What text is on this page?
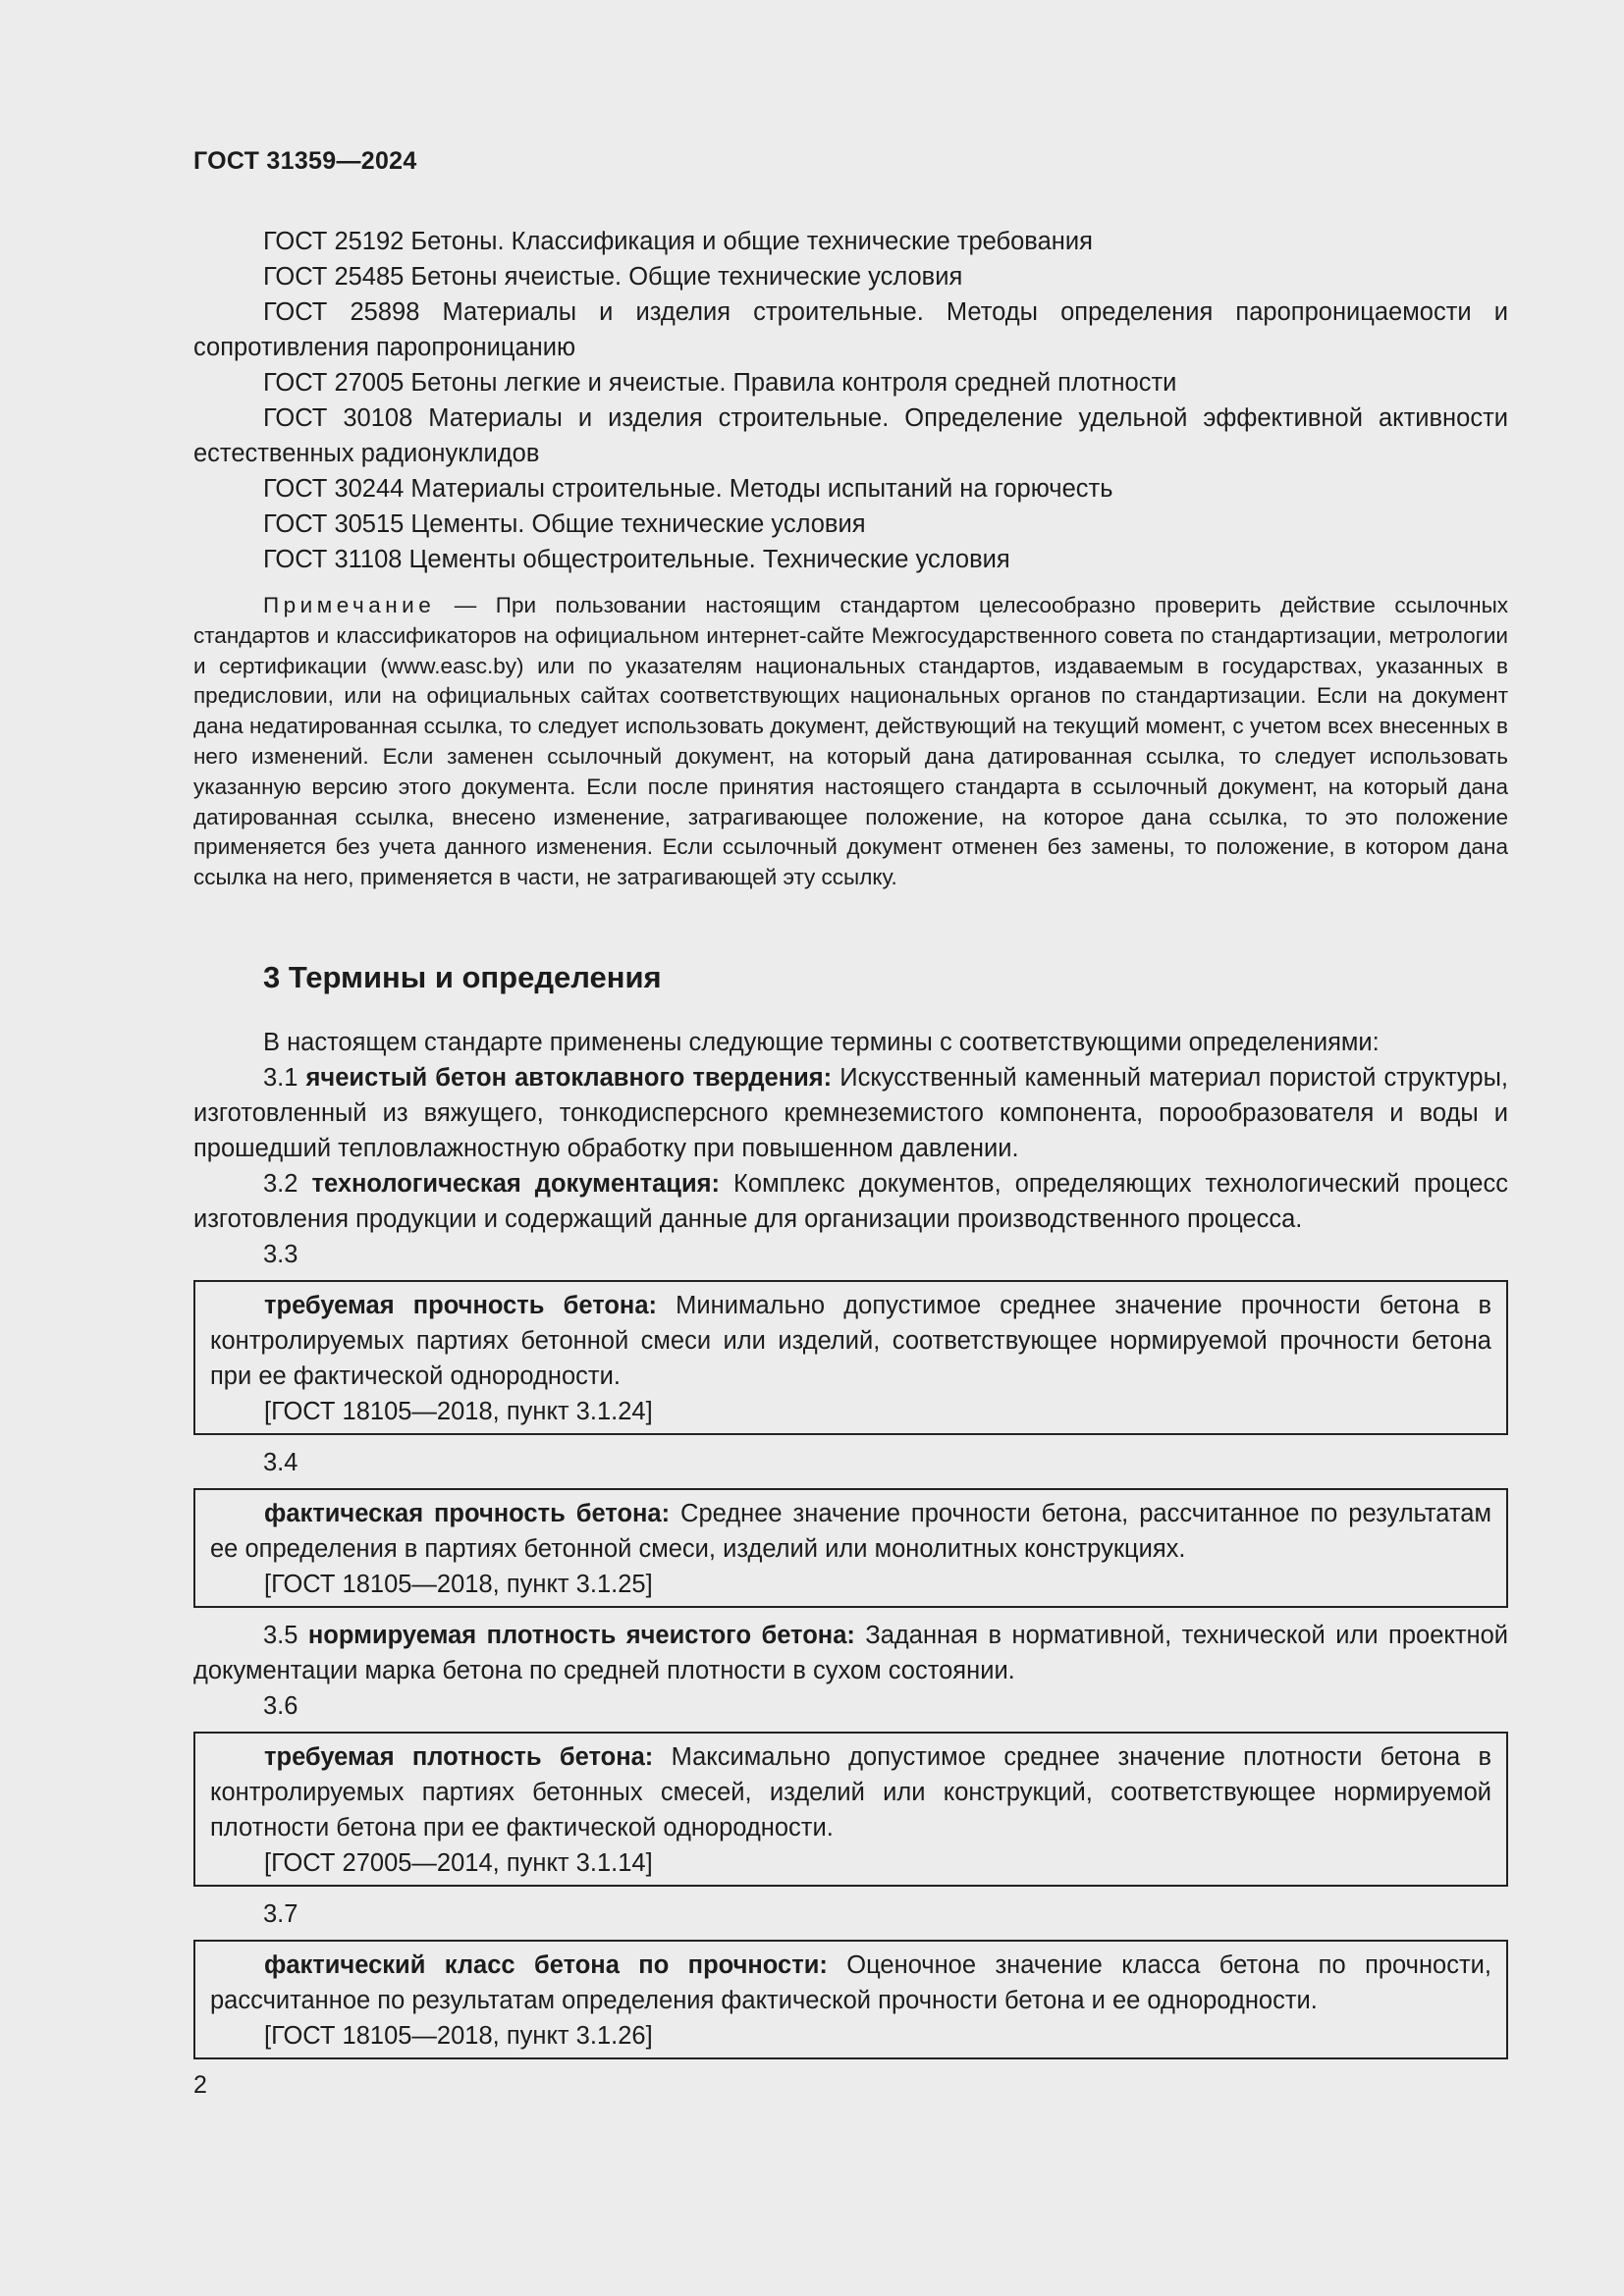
ГОСТ 31359—2024

ГОСТ 25192 Бетоны. Классификация и общие технические требования

ГОСТ 25485 Бетоны ячеистые. Общие технические условия

ГОСТ 25898 Материалы и изделия строительные. Методы определения паропроницаемости и сопротивления паропроницанию

ГОСТ 27005 Бетоны легкие и ячеистые. Правила контроля средней плотности

ГОСТ 30108 Материалы и изделия строительные. Определение удельной эффективной активности естественных радионуклидов

ГОСТ 30244 Материалы строительные. Методы испытаний на горючесть

ГОСТ 30515 Цементы. Общие технические условия

ГОСТ 31108 Цементы общестроительные. Технические условия

Примечание — При пользовании настоящим стандартом целесообразно проверить действие ссылочных стандартов и классификаторов на официальном интернет-сайте Межгосударственного совета по стандартизации, метрологии и сертификации (www.easc.by) или по указателям национальных стандартов, издаваемым в государствах, указанных в предисловии, или на официальных сайтах соответствующих национальных органов по стандартизации. Если на документ дана недатированная ссылка, то следует использовать документ, действующий на текущий момент, с учетом всех внесенных в него изменений. Если заменен ссылочный документ, на который дана датированная ссылка, то следует использовать указанную версию этого документа. Если после принятия настоящего стандарта в ссылочный документ, на который дана датированная ссылка, внесено изменение, затрагивающее положение, на которое дана ссылка, то это положение применяется без учета данного изменения. Если ссылочный документ отменен без замены, то положение, в котором дана ссылка на него, применяется в части, не затрагивающей эту ссылку.
3 Термины и определения

В настоящем стандарте применены следующие термины с соответствующими определениями:

3.1 ячеистый бетон автоклавного твердения: Искусственный каменный материал пористой структуры, изготовленный из вяжущего, тонкодисперсного кремнеземистого компонента, порообразователя и воды и прошедший тепловлажностную обработку при повышенном давлении.

3.2 технологическая документация: Комплекс документов, определяющих технологический процесс изготовления продукции и содержащий данные для организации производственного процесса.

3.3

требуемая прочность бетона: Минимально допустимое среднее значение прочности бетона в контролируемых партиях бетонной смеси или изделий, соответствующее нормируемой прочности бетона при ее фактической однородности.

[ГОСТ 18105—2018, пункт 3.1.24]

3.4

фактическая прочность бетона: Среднее значение прочности бетона, рассчитанное по результатам ее определения в партиях бетонной смеси, изделий или монолитных конструкциях.

[ГОСТ 18105—2018, пункт 3.1.25]

3.5 нормируемая плотность ячеистого бетона: Заданная в нормативной, технической или проектной документации марка бетона по средней плотности в сухом состоянии.

3.6

требуемая плотность бетона: Максимально допустимое среднее значение плотности бетона в контролируемых партиях бетонных смесей, изделий или конструкций, соответствующее нормируемой плотности бетона при ее фактической однородности.

[ГОСТ 27005—2014, пункт 3.1.14]

3.7

фактический класс бетона по прочности: Оценочное значение класса бетона по прочности, рассчитанное по результатам определения фактической прочности бетона и ее однородности.

[ГОСТ 18105—2018, пункт 3.1.26]

2
